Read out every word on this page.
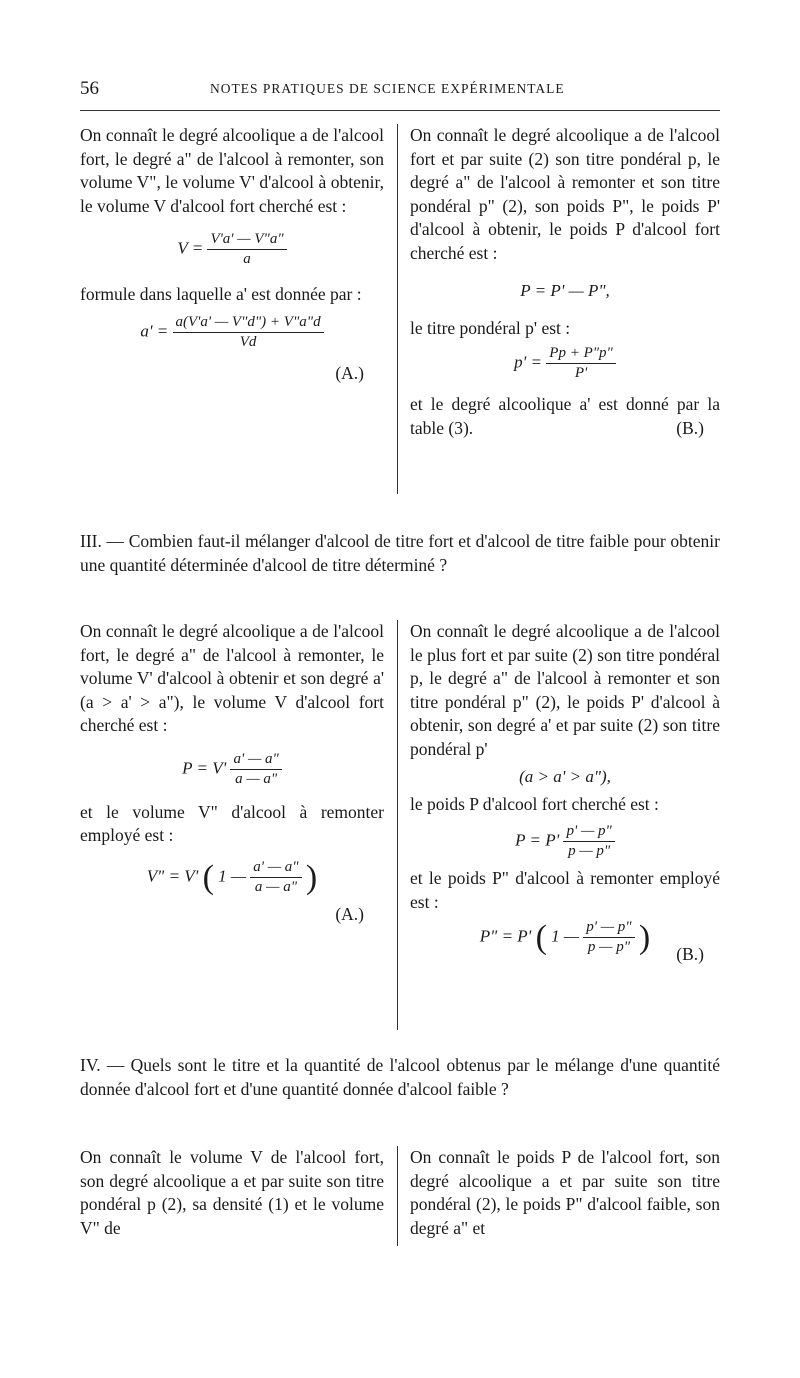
56	NOTES PRATIQUES DE SCIENCE EXPÉRIMENTALE

On connaît le degré alcoolique a de l'alcool fort, le degré a" de l'alcool à remonter, son volume V", le volume V' d'alcool à obtenir, le volume V d'alcool fort cherché est :

$V = \frac{V'a' — V"a"}{a}$

formule dans laquelle a' est donnée par :

$a' = \frac{a(V'a' — V"d") + V"a"d}{Vd}$

(A.)

On connaît le degré alcoolique a de l'alcool fort et par suite (2) son titre pondéral p, le degré a" de l'alcool à remonter et son titre pondéral p" (2), son poids P", le poids P' d'alcool à obtenir, le poids P d'alcool fort cherché est :

P = P' — P",

le titre pondéral p' est :

$p' = \frac{Pp + P"p"}{P'}$

et le degré alcoolique a' est donné par la table (3).	(B.)

III. — Combien faut-il mélanger d'alcool de titre fort et d'alcool de titre faible pour obtenir une quantité déterminée d'alcool de titre déterminé ?

On connaît le degré alcoolique a de l'alcool fort, le degré a" de l'alcool à remonter, le volume V' d'alcool à obtenir et son degré a' (a > a' > a"), le volume V d'alcool fort cherché est :

$P = V' \frac{a' — a"}{a — a"}$

et le volume V" d'alcool à remonter employé est :

V" = V' ( 1 — $\frac{a' — a"}{a — a"}$ )

(A.)

On connaît le degré alcoolique a de l'alcool le plus fort et par suite (2) son titre pondéral p, le degré a" de l'alcool à remonter et son titre pondéral p" (2), le poids P' d'alcool à obtenir, son degré a' et par suite (2) son titre pondéral p'

(a > a' > a"),

le poids P d'alcool fort cherché est :

$P = P' \frac{p' — p"}{p — p"}$

et le poids P" d'alcool à remonter employé est :

P" = P' ( 1 — $\frac{p' — p"}{p — p"}$ )	(B.)

IV. — Quels sont le titre et la quantité de l'alcool obtenus par le mélange d'une quantité donnée d'alcool fort et d'une quantité donnée d'alcool faible ?

On connaît le volume V de l'alcool fort, son degré alcoolique a et par suite son titre pondéral p (2), sa densité (1) et le volume V" de

On connaît le poids P de l'alcool fort, son degré alcoolique a et par suite son titre pondéral (2), le poids P" d'alcool faible, son degré a" et
